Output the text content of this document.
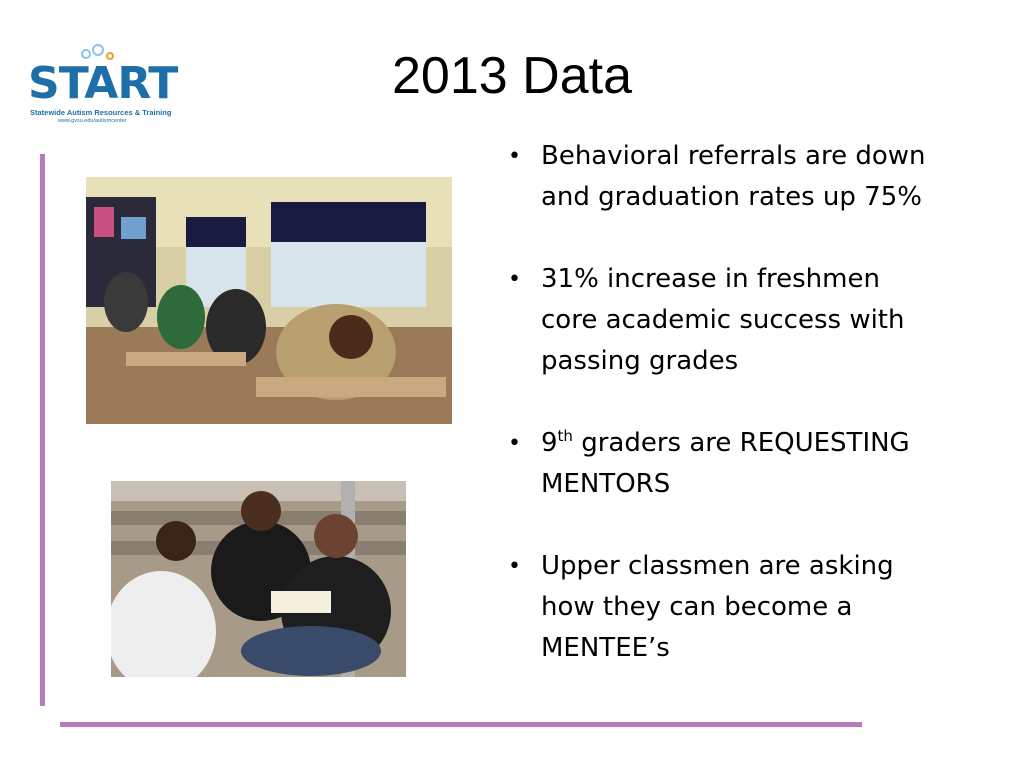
2013 Data
START
Statewide Autism Resources & Training
www.gvsu.edu/autismcenter
• Behavioral referrals are down and graduation rates up 75%
• 31% increase in freshmen core academic success with passing grades
• 9th graders are REQUESTING MENTORS
• Upper classmen are asking how they can become a MENTEE’s
